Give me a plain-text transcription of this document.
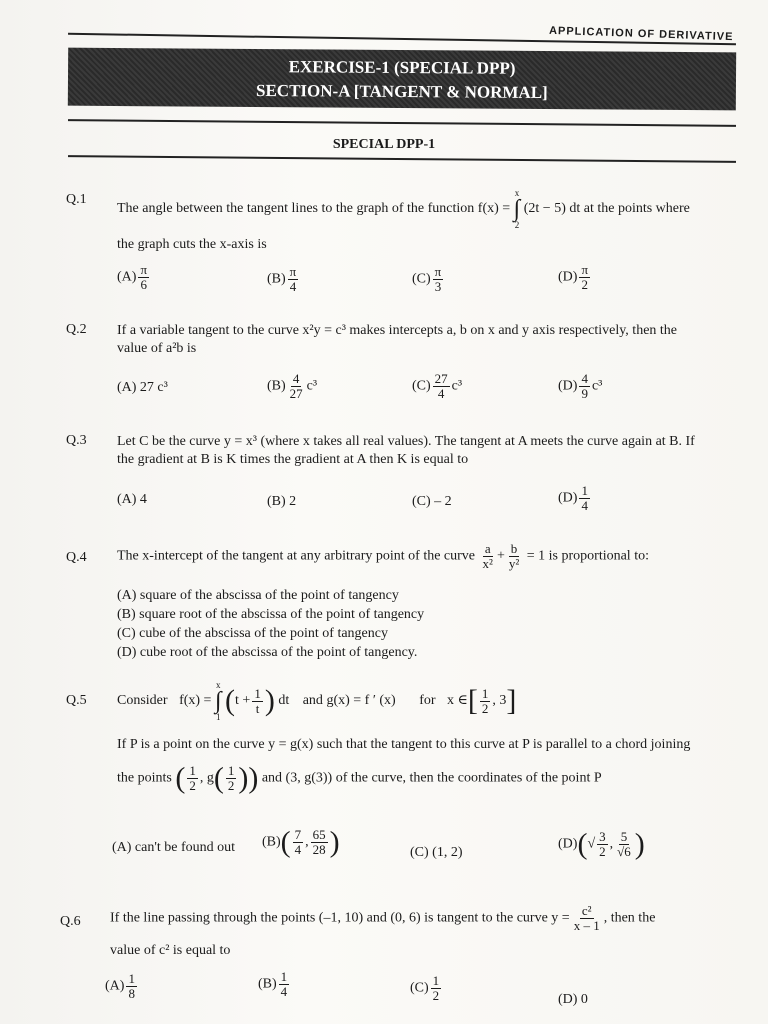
APPLICATION OF DERIVATIVE
EXERCISE-1 (SPECIAL DPP)
SECTION-A [TANGENT & NORMAL]
SPECIAL DPP-1
Q.1
The angle between the tangent lines to the graph of the function f(x) =
x
∫
2
(2t − 5) dt at the points where
the graph cuts the x-axis is
$(A) \frac{\pi}{6}$	$(B) \frac{\pi}{4}$	$(C) \frac{\pi}{3}$	$(D) \frac{\pi}{2}$
Q.2 If a variable tangent to the curve x²y = c³ makes intercepts a, b on x and y axis respectively, then the
value of a²b is
(A) 27 c³	$(B) \frac{4}{27} c^3$	$(C) \frac{27}{4} c^3$	$(D) \frac{4}{9} c^3$
Q.3 Let C be the curve y = x³ (where x takes all real values). The tangent at A meets the curve again at B. If
the gradient at B is K times the gradient at A then K is equal to
(A) 4	(B) 2	(C) – 2	$(D) \frac{1}{4}$
Q.4 The x-intercept of the tangent at any arbitrary point of the curve $\frac{a}{\text{x²}} + \frac{b}{\text{y²}} = 1$ is proportional to:
(A) square of the abscissa of the point of tangency
(B) square root of the abscissa of the point of tangency
(C) cube of the abscissa of the point of tangency
(D) cube root of the abscissa of the point of tangency.
Q.5 Consider f(x) =
x
∫
1 ($t + \frac{1}{t}$ ) dt and g(x) = f ′ (x) for x ∈[ $\frac{1}{2}$ , 3]
If P is a point on the curve y = g(x) such that the tangent to this curve at P is parallel to a chord joining
the points ( $\frac{1}{2}$ , $g( \frac{1}{2}$ )) and (3, g(3)) of the curve, then the coordinates of the point P
(A) can't be found out $(B)( \frac{7}{4}$ , $\frac{65}{28}$ )	(C) (1, 2)
$(D)(√ \frac{3}{2}$ , $\frac{5}{√6}$ )
Q.6 If the line passing through the points (–1, 10) and (0, 6) is tangent to the curve $y = \frac{\text{c²}}{x - 1}$ , then the
value of c² is equal to
$(A) \frac{1}{8}$	$(B) \frac{1}{4}$	$(C) \frac{1}{2}$	(D) 0
